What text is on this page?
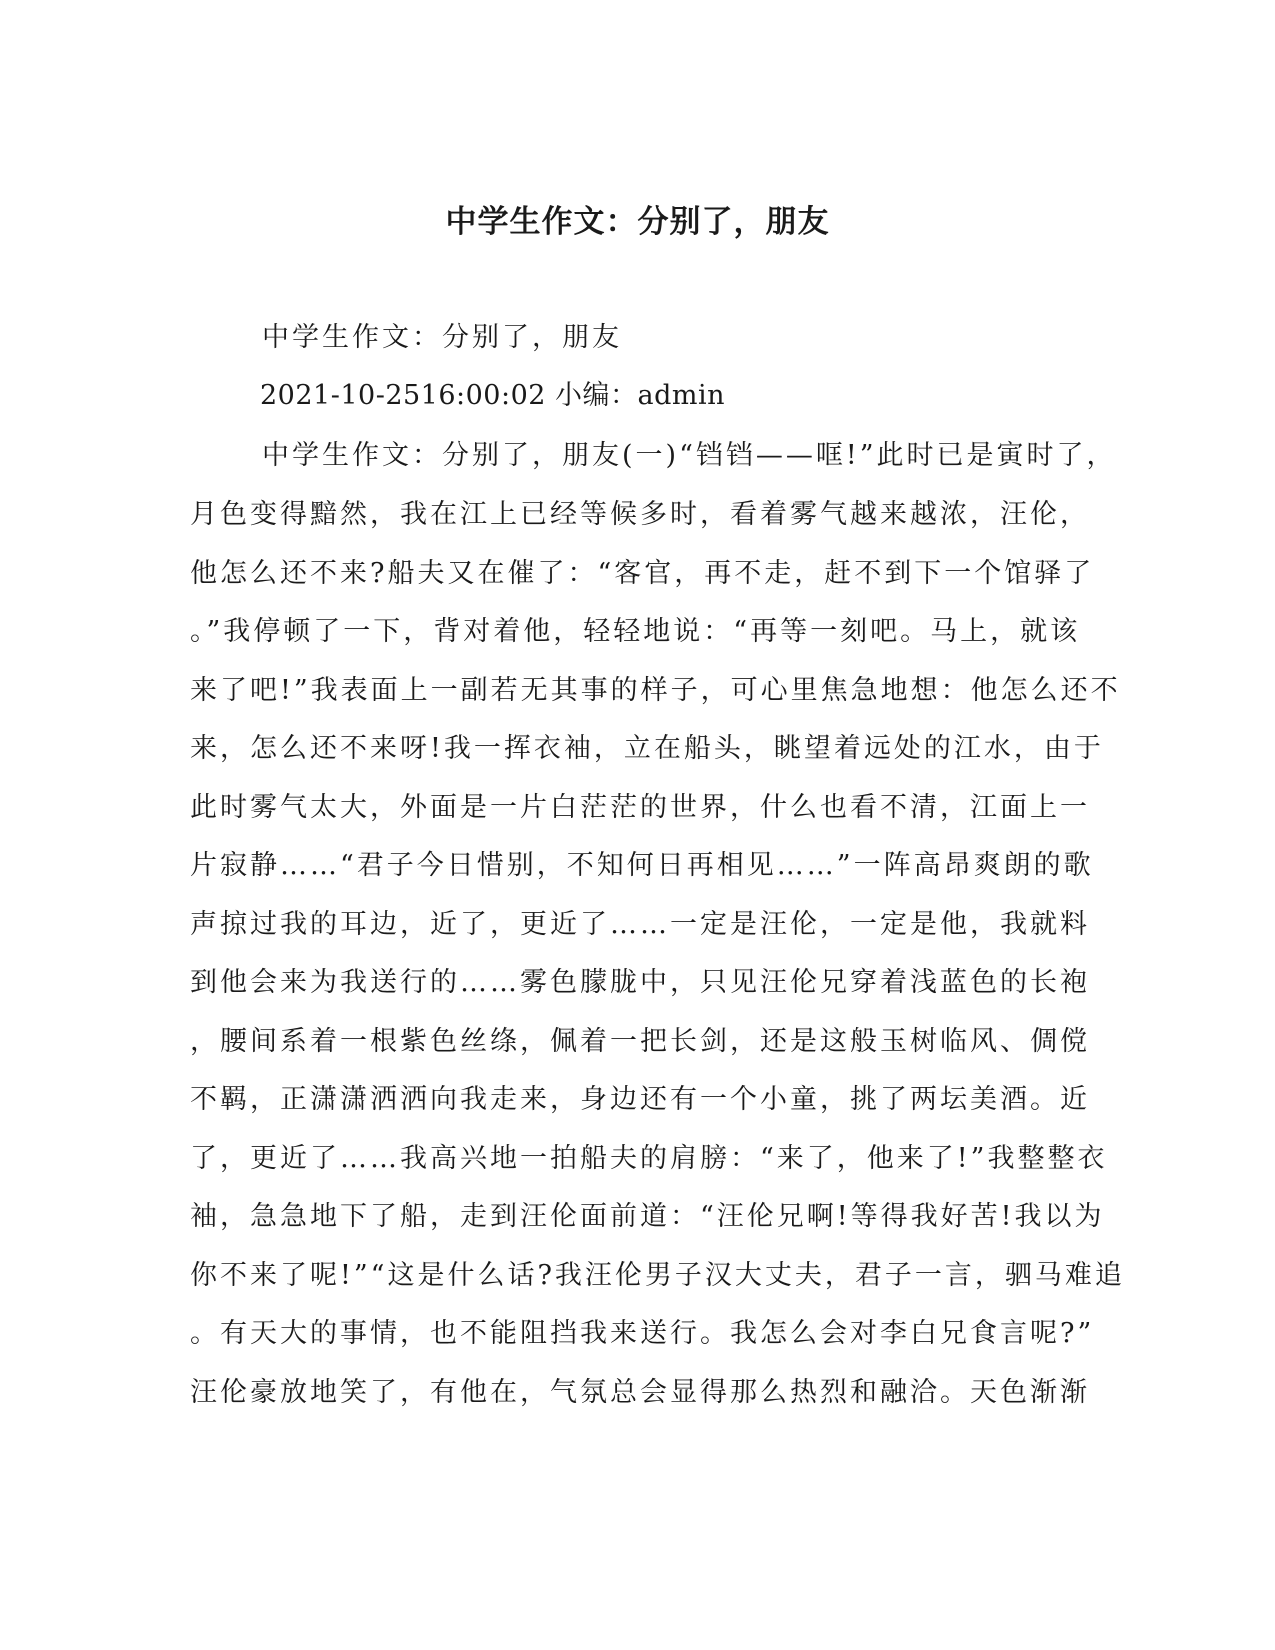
中学生作文：分别了，朋友

中学生作文：分别了，朋友

2021-10-2516:00:02 小编：admin

中学生作文：分别了，朋友(一)“铛铛——哐!”此时已是寅时了，

月色变得黯然，我在江上已经等候多时，看着雾气越来越浓，汪伦，

他怎么还不来?船夫又在催了：“客官，再不走，赶不到下一个馆驿了

。”我停顿了一下，背对着他，轻轻地说：“再等一刻吧。马上，就该

来了吧!”我表面上一副若无其事的样子，可心里焦急地想：他怎么还不

来，怎么还不来呀!我一挥衣袖，立在船头，眺望着远处的江水，由于

此时雾气太大，外面是一片白茫茫的世界，什么也看不清，江面上一

片寂静……“君子今日惜别，不知何日再相见……”一阵高昂爽朗的歌

声掠过我的耳边，近了，更近了……一定是汪伦，一定是他，我就料

到他会来为我送行的……雾色朦胧中，只见汪伦兄穿着浅蓝色的长袍

，腰间系着一根紫色丝绦，佩着一把长剑，还是这般玉树临风、倜傥

不羁，正潇潇洒洒向我走来，身边还有一个小童，挑了两坛美酒。近

了，更近了……我高兴地一拍船夫的肩膀：“来了，他来了!”我整整衣

袖，急急地下了船，走到汪伦面前道：“汪伦兄啊!等得我好苦!我以为

你不来了呢!”“这是什么话?我汪伦男子汉大丈夫，君子一言，驷马难追

。有天大的事情，也不能阻挡我来送行。我怎么会对李白兄食言呢?”

汪伦豪放地笑了，有他在，气氛总会显得那么热烈和融洽。天色渐渐
